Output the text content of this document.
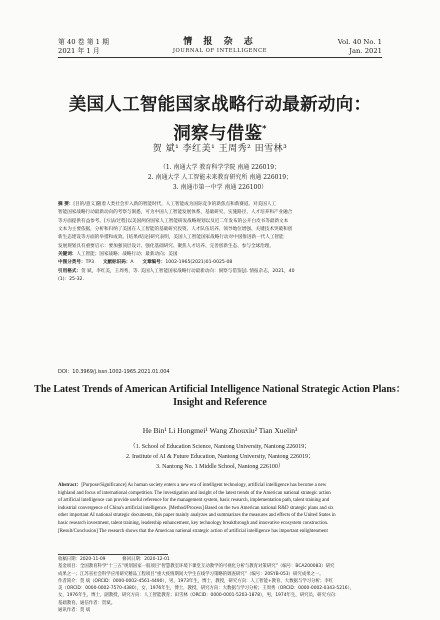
第 40 卷 第 1 期
2021 年 1 月
情 报 杂 志
JOURNAL OF INTELLIGENCE
Vol. 40 No. 1
Jan. 2021
美国人工智能国家战略行动最新动向：
洞察与借鉴*
贺 斌¹ 李红美¹ 王周秀² 田雪林³
（1. 南通大学 教育科学学院 南通 226019；
2. 南通大学 人工智能未来教育研究所 南通 226019；
3. 南通市第一中学 南通 226100）
摘 要：[目的/意义]随着人类社会步入新的智能时代，人工智能成为国际竞争的新焦点和新赛道。对美国人工
智能国家战略行动最新动向的考察与洞悉，可为中国人工智能发展体系、基础研究、实施路径、人才培养和产业融合
等方面提供有益参考。[方法/过程]以美国两份国家人工智能研发战略规划以及近二年发布的公开白皮书等最新文本
文本为主要依据，分析和归纳了美国在人工智能的基础研究投资、人才队伍培养、领导地位增强、关键技术突破和创
新生态建设等方面的举措和成效。[结果/结论]研究表明，美国人工智能国家战略行动对中国推进新一代人工智能
发展规划具有重要启示：要加强顶层设计、强化基础研究、聚焦人才培养、完善创新生态、参与全球治理。
关键词：人工智能；国家战略；战略行动；最新动向；美国
中图分类号：TP3 文献标识码：A 文章编号：1002-1965(2021)01-0025-08
引用格式：贺 斌，李红美，王周秀，等. 美国人工智能国家战略行动最新动向：洞察与借鉴[J]. 情报杂志，2021，40
(1)：25-32.
DOI：10.3969/j.issn.1002-1965.2021.01.004
The Latest Trends of American Artificial Intelligence National Strategic Action Plans：
Insight and Reference
He Bin¹ Li Hongmei¹ Wang Zhouxiu² Tian Xuelin³
（1. School of Education Science, Nantong University, Nantong 226019；
2. Institute of AI & Future Education, Nantong University, Nantong 226019；
3. Nantong No. 1 Middle School, Nantong 226100）
Abstract：[Purpose/Significance] As human society enters a new era of intelligent technology, artificial intelligence has become a new
highland and focus of international competition. The investigation and insight of the latest trends of the American national strategic action
of artificial intelligence can provide useful reference for the management system, basic research, implementation path, talent training and
industrial convergence of China's artificial intelligence. [Method/Process] Based on the two American national R&D strategic plans and six
other important AI national strategic documents, this paper mainly analyzes and summarizes the measures and effects of the United States in
basic research investment, talent training, leadership enhancement, key technology breakthrough and innovative ecosystem construction.
[Result/Conclusion] The research shows that the American national strategic action of artificial intelligence has important enlightenment
收稿日期：2020-11-09	修回日期：2020-12-01
基金项目：全国教育科学“十三五”规划国家一般项目“智慧教室环境下课堂互动教学的可视化分析与教育对策研究”（编号：BCA200083）研究
成果之一；江苏省社会科学应用研究精品工程项目“重大疫情期间大学生在线学习策略的调查研究”（编号：20SYB-053）研究成果之一。
作者简介：贺 斌（ORCID：0000-0002-4561-4490），男，1973年生，博士，教授，研究方向：人工智能+教育、大数据与学习分析；李红
美（ORCID：0000-0002-7570-4380），女，1976年生，博士，教授，研究方向：大数据与学习分析；王周秀（ORCID：0000-0002-0343-5216），
女，1976年生，博士，副教授，研究方向：人工智能教育；田雪林（ORCID：0000-0001-5203-1878），男，1974年生，研究员，研究方向：
基础教育。通信作者：贺斌。
通讯作者：贺 斌
